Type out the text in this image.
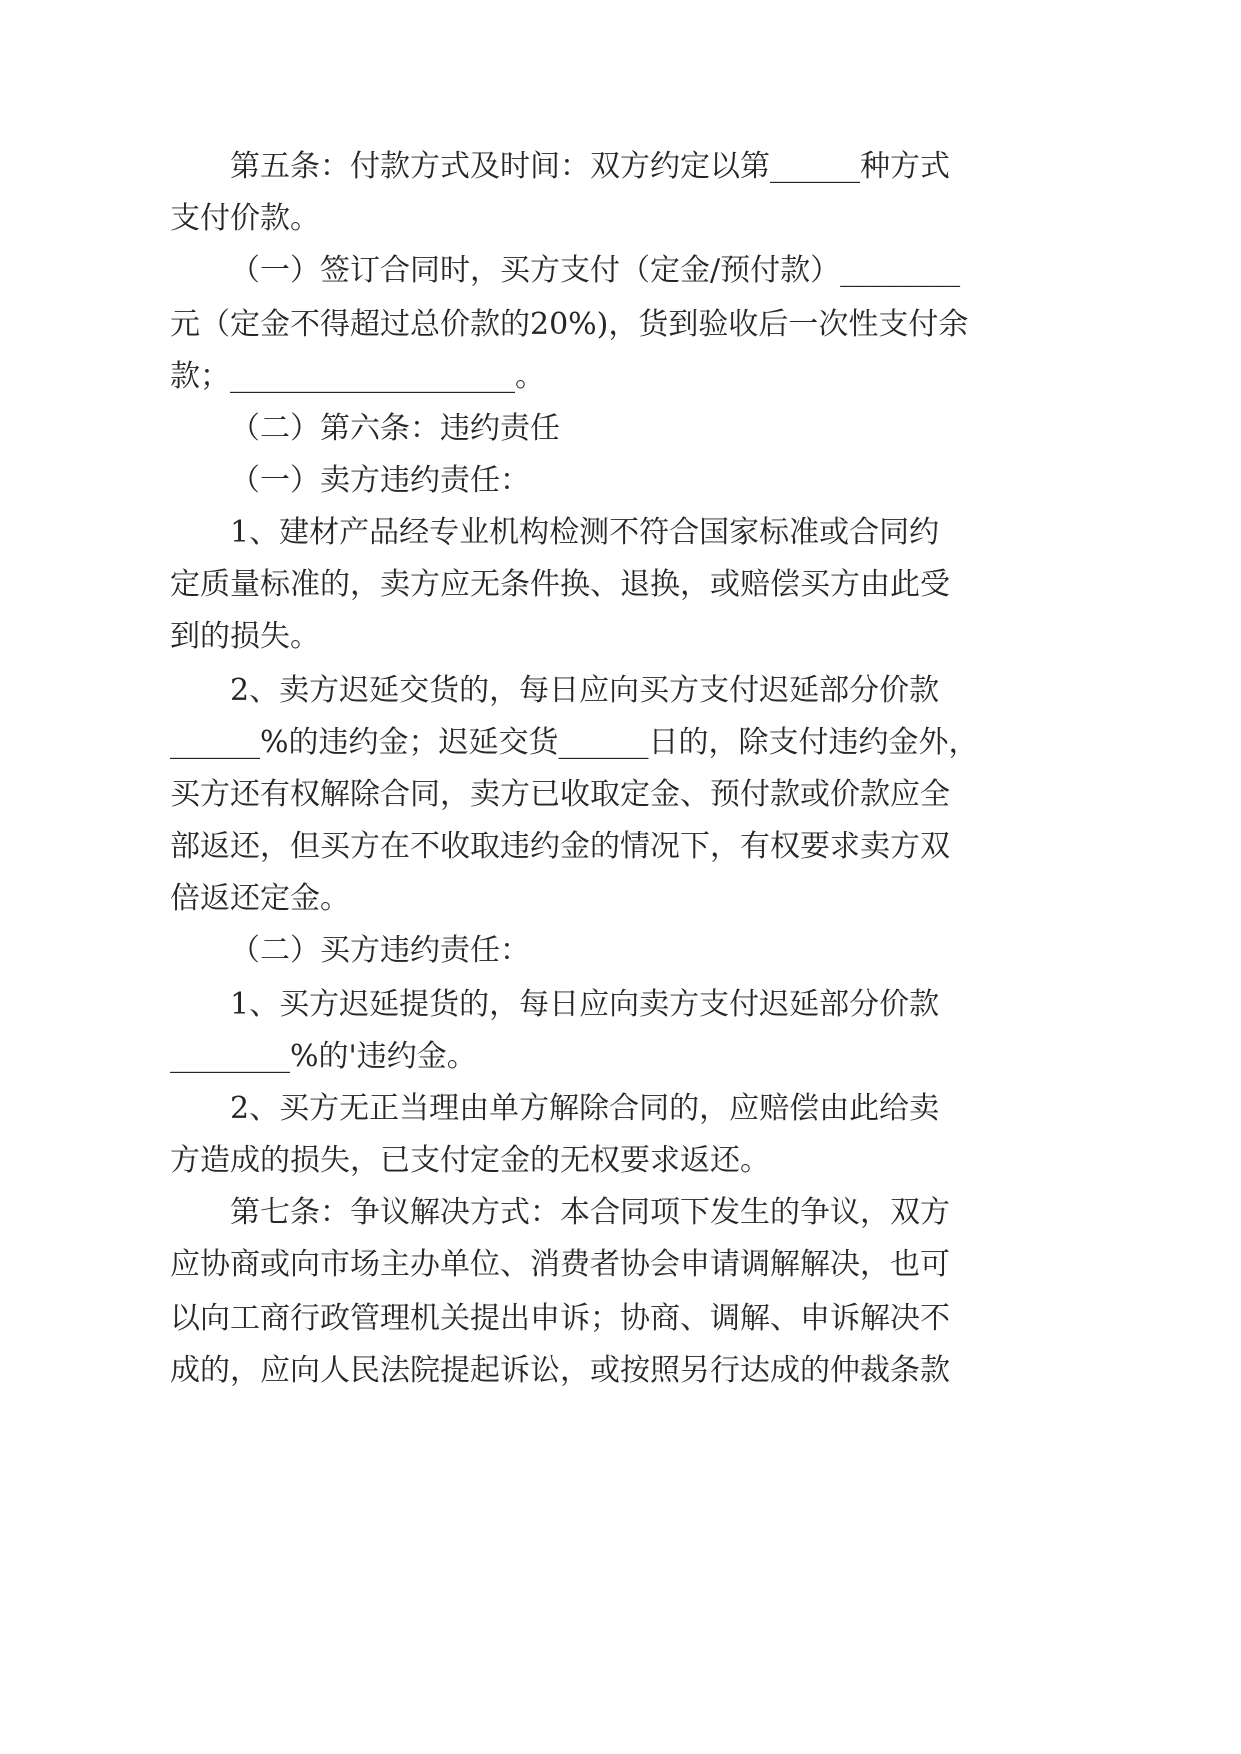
第五条：付款方式及时间：双方约定以第______种方式
支付价款。
（一）签订合同时，买方支付（定金/预付款）________
元（定金不得超过总价款的20%)，货到验收后一次性支付余
款；___________________。
（二）第六条：违约责任
（一）卖方违约责任：
1、建材产品经专业机构检测不符合国家标准或合同约
定质量标准的，卖方应无条件换、退换，或赔偿买方由此受
到的损失。
2、卖方迟延交货的，每日应向买方支付迟延部分价款
______%的违约金；迟延交货______日的，除支付违约金外，
买方还有权解除合同，卖方已收取定金、预付款或价款应全
部返还，但买方在不收取违约金的情况下，有权要求卖方双
倍返还定金。
（二）买方违约责任：
1、买方迟延提货的，每日应向卖方支付迟延部分价款
________%的'违约金。
2、买方无正当理由单方解除合同的，应赔偿由此给卖
方造成的损失，已支付定金的无权要求返还。
第七条：争议解决方式：本合同项下发生的争议，双方
应协商或向市场主办单位、消费者协会申请调解解决，也可
以向工商行政管理机关提出申诉；协商、调解、申诉解决不
成的，应向人民法院提起诉讼，或按照另行达成的仲裁条款
